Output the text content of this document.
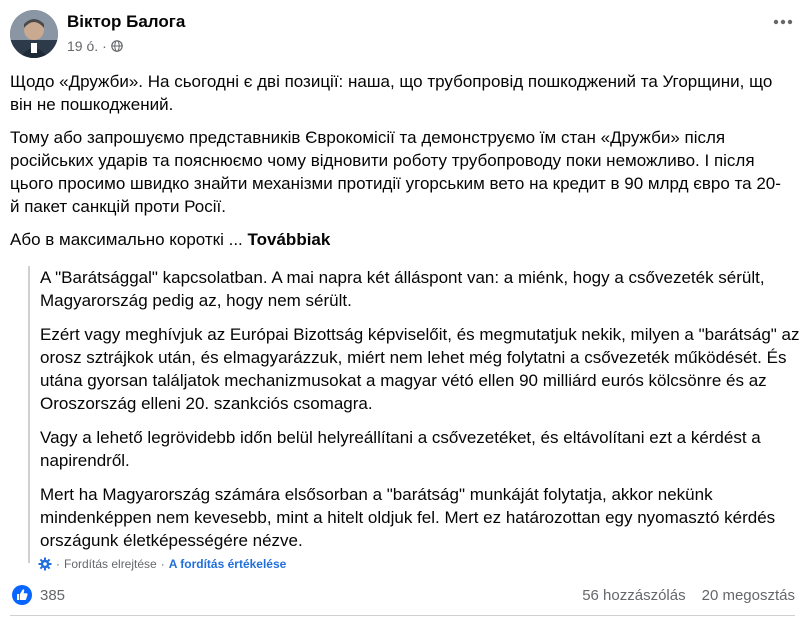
Віктор Балога
19 ó. ·

Щодо «Дружби». На сьогодні є дві позиції: наша, що трубопровід пошкоджений та Угорщини, що він не пошкоджений.

Тому або запрошуємо представників Єврокомісії та демонструємо їм стан «Дружби» після російських ударів та пояснюємо чому відновити роботу трубопроводу поки неможливо. І після цього просимо швидко знайти механізми протидії угорським вето на кредит в 90 млрд євро та 20-й пакет санкцій проти Росії.

Або в максимально короткі ... Továbbiak

A "Barátsággal" kapcsolatban. A mai napra két álláspont van: a miénk, hogy a csővezeték sérült, Magyarország pedig az, hogy nem sérült.

Ezért vagy meghívjuk az Európai Bizottság képviselőit, és megmutatjuk nekik, milyen a "barátság" az orosz sztrájkok után, és elmagyarázzuk, miért nem lehet még folytatni a csővezeték működését. És utána gyorsan találjatok mechanizmusokat a magyar vétó ellen 90 milliárd eurós kölcsönre és az Oroszország elleni 20. szankciós csomagra.

Vagy a lehető legrövidebb időn belül helyreállítani a csővezetéket, és eltávolítani ezt a kérdést a napirendről.

Mert ha Magyarország számára elsősorban a "barátság" munkáját folytatja, akkor nekünk mindenképpen nem kevesebb, mint a hitelt oldjuk fel. Mert ez határozottan egy nyomasztó kérdés országunk életképességére nézve.

· Fordítás elrejtése · A fordítás értékelése
385	56 hozzászólás 20 megosztás
